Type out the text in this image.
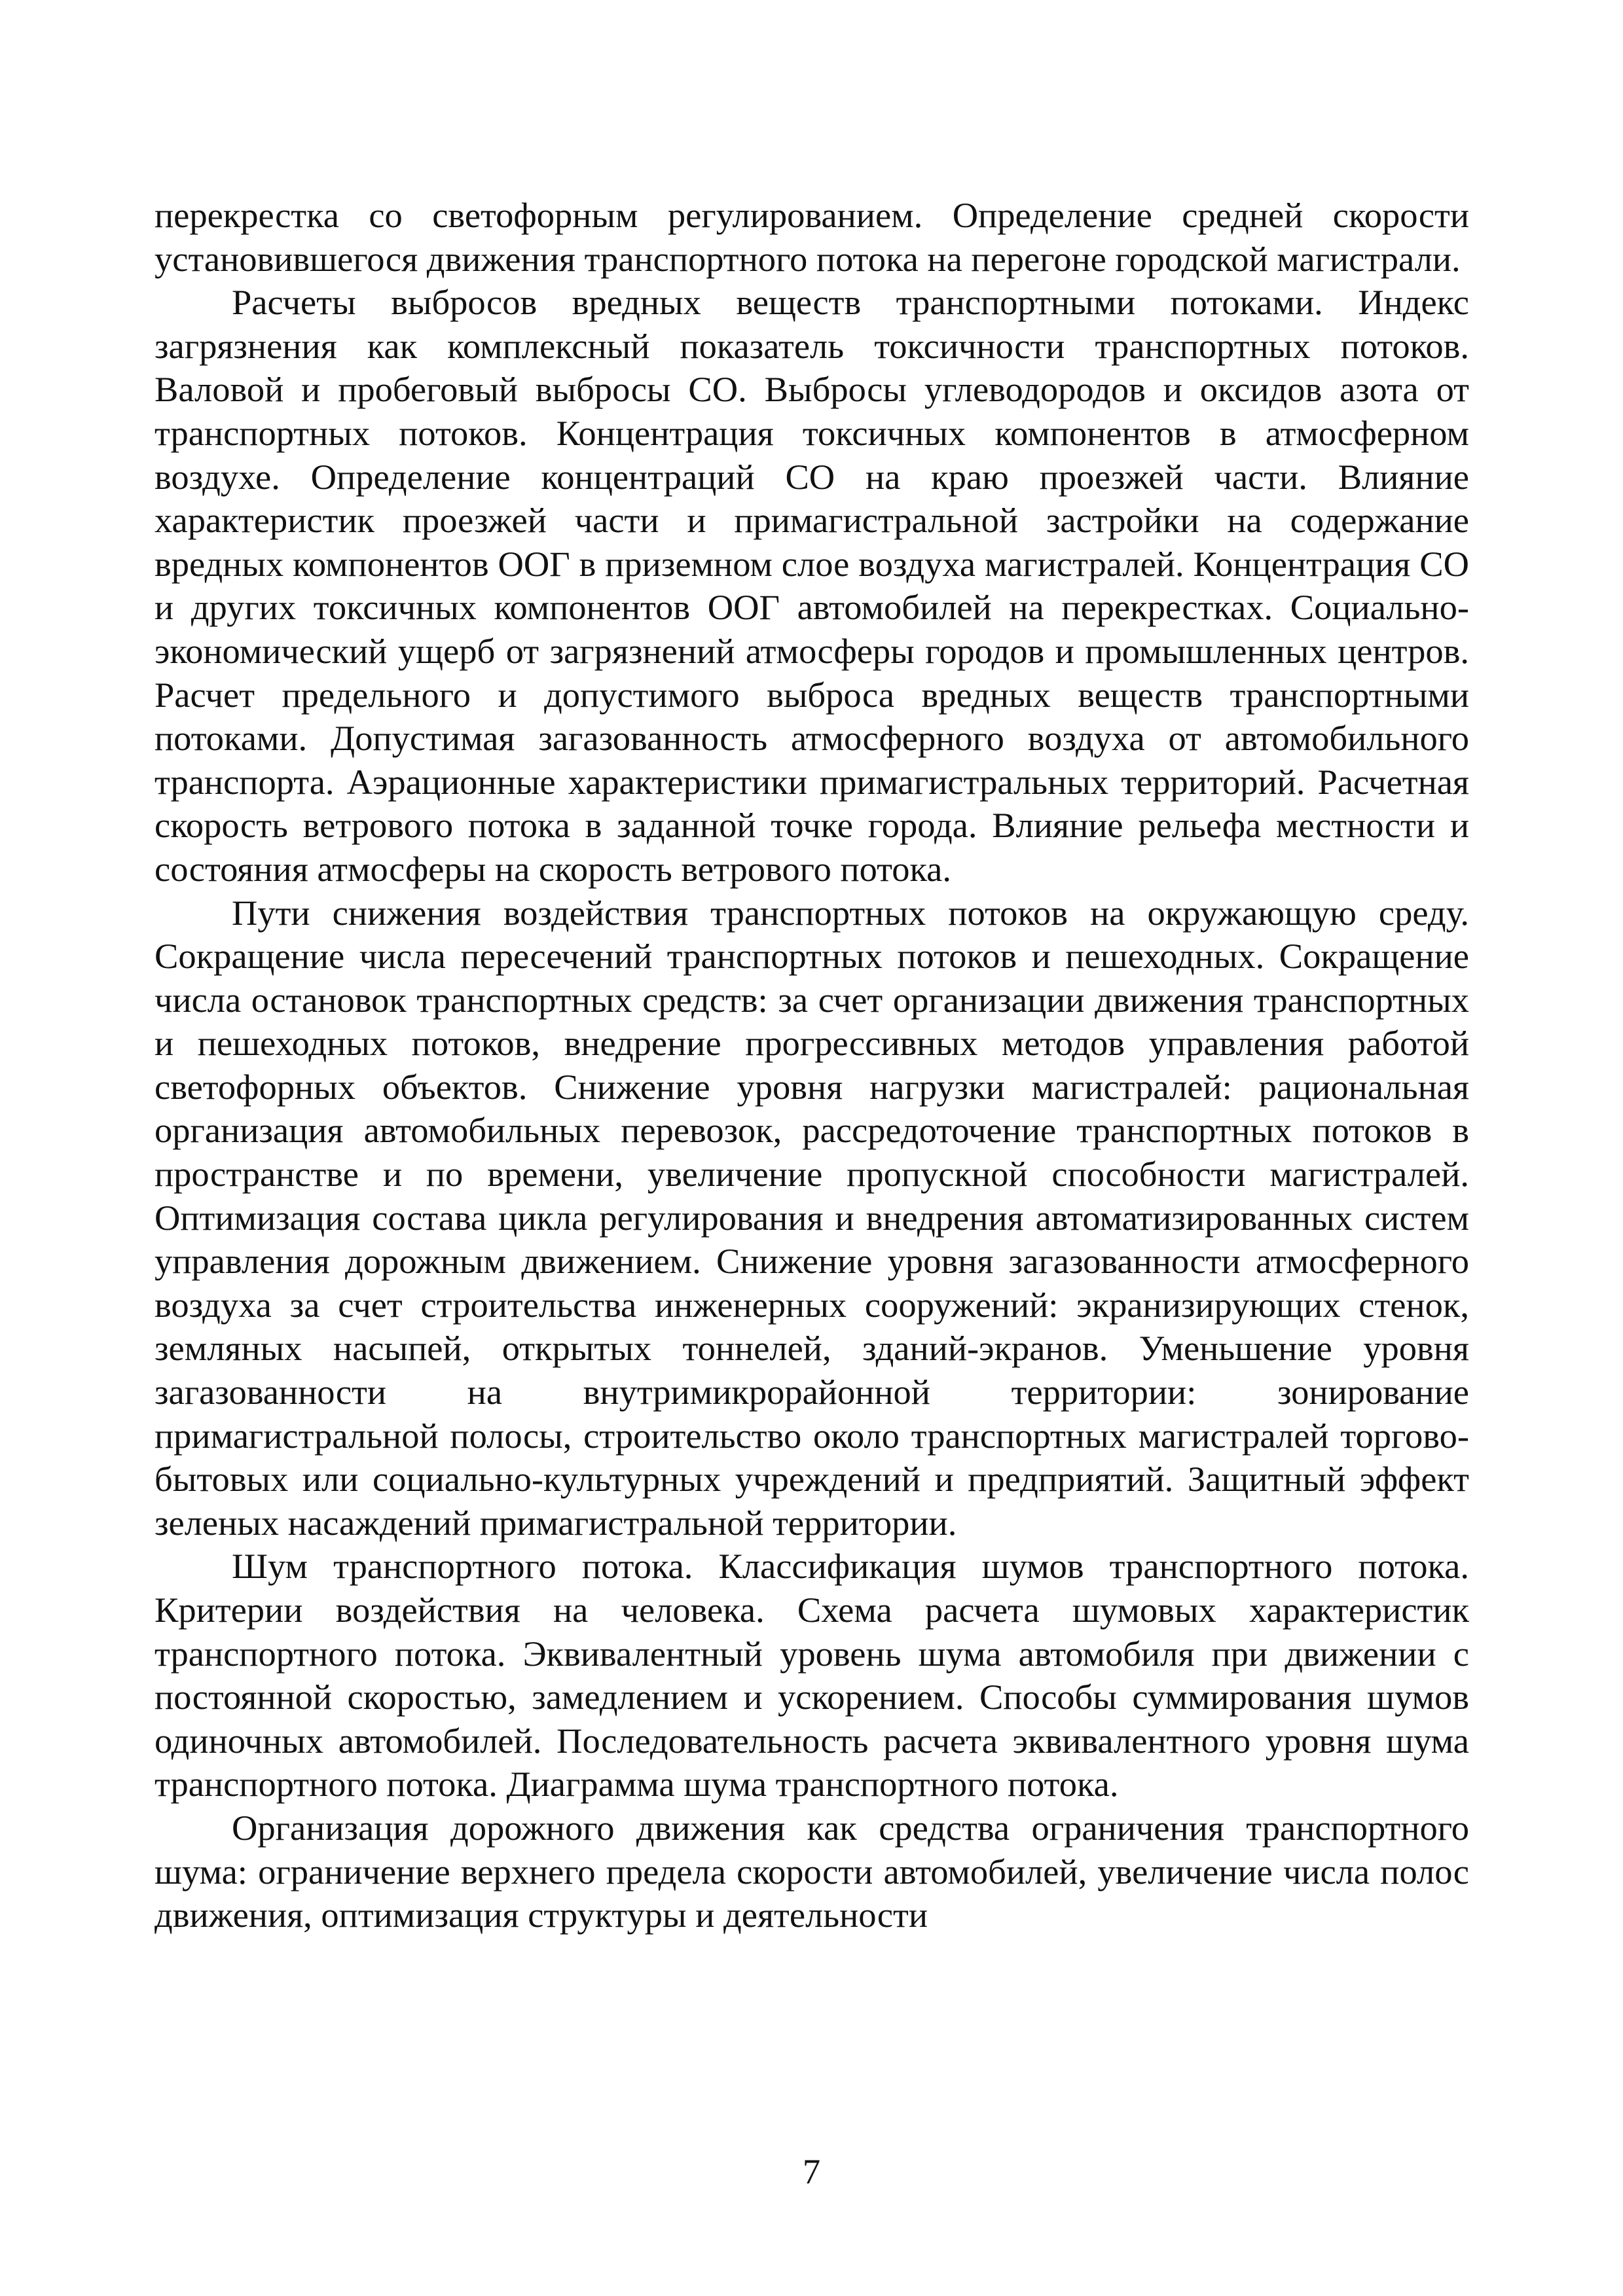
перекрестка со светофорным регулированием. Определение средней скорости установившегося движения транспортного потока на перегоне городской магистрали.

Расчеты выбросов вредных веществ транспортными потоками. Индекс загрязнения как комплексный показатель токсичности транспортных потоков. Валовой и пробеговый выбросы СО. Выбросы углеводородов и оксидов азота от транспортных потоков. Концентрация токсичных компонентов в атмосферном воздухе. Определение концентраций СО на краю проезжей части. Влияние характеристик проезжей части и примагистральной застройки на содержание вредных компонентов ООГ в приземном слое воздуха магистралей. Концентрация СО и других токсичных компонентов ООГ автомобилей на перекрестках. Социально-экономический ущерб от загрязнений атмосферы городов и промышленных центров. Расчет предельного и допустимого выброса вредных веществ транспортными потоками. Допустимая загазованность атмосферного воздуха от автомобильного транспорта. Аэрационные характеристики примагистральных территорий. Расчетная скорость ветрового потока в заданной точке города. Влияние рельефа местности и состояния атмосферы на скорость ветрового потока.

Пути снижения воздействия транспортных потоков на окружающую среду. Сокращение числа пересечений транспортных потоков и пешеходных. Сокращение числа остановок транспортных средств: за счет организации движения транспортных и пешеходных потоков, внедрение прогрессивных методов управления работой светофорных объектов. Снижение уровня нагрузки магистралей: рациональная организация автомобильных перевозок, рассредоточение транспортных потоков в пространстве и по времени, увеличение пропускной способности магистралей. Оптимизация состава цикла регулирования и внедрения автоматизированных систем управления дорожным движением. Снижение уровня загазованности атмосферного воздуха за счет строительства инженерных сооружений: экранизирующих стенок, земляных насыпей, открытых тоннелей, зданий-экранов. Уменьшение уровня загазованности на внутримикрорайонной территории: зонирование примагистральной полосы, строительство около транспортных магистралей торгово-бытовых или социально-культурных учреждений и предприятий. Защитный эффект зеленых насаждений примагистральной территории.

Шум транспортного потока. Классификация шумов транспортного потока. Критерии воздействия на человека. Схема расчета шумовых характеристик транспортного потока. Эквивалентный уровень шума автомобиля при движении с постоянной скоростью, замедлением и ускорением. Способы суммирования шумов одиночных автомобилей. Последовательность расчета эквивалентного уровня шума транспортного потока. Диаграмма шума транспортного потока.

Организация дорожного движения как средства ограничения транспортного шума: ограничение верхнего предела скорости автомобилей, увеличение числа полос движения, оптимизация структуры и деятельности

7
